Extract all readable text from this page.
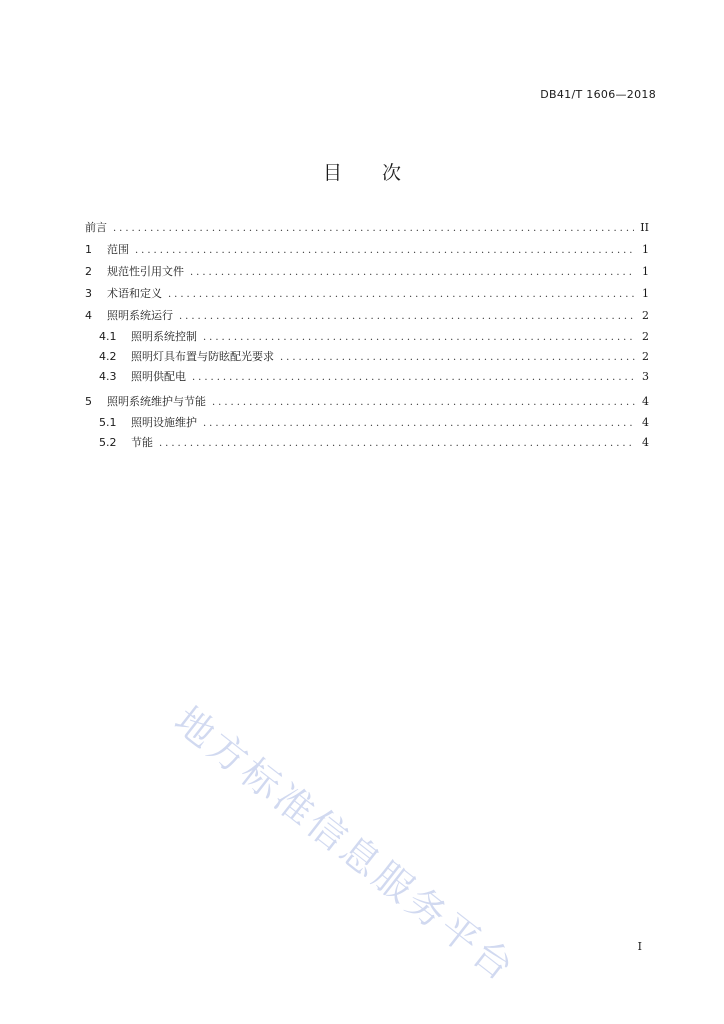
DB41/T 1606—2018
目 次
前言 .....	II
1	范围 .....	1
2	规范性引用文件 .....	1
3	术语和定义 .....	1
4	照明系统运行 .....	2
4.1	照明系统控制 .....	2
4.2	照明灯具布置与防眩配光要求 .....	2
4.3	照明供配电 .....	3
5	照明系统维护与节能 .....	4
5.1	照明设施维护 .....	4
5.2	节能 .....	4
地方标准信息服务平台	I
